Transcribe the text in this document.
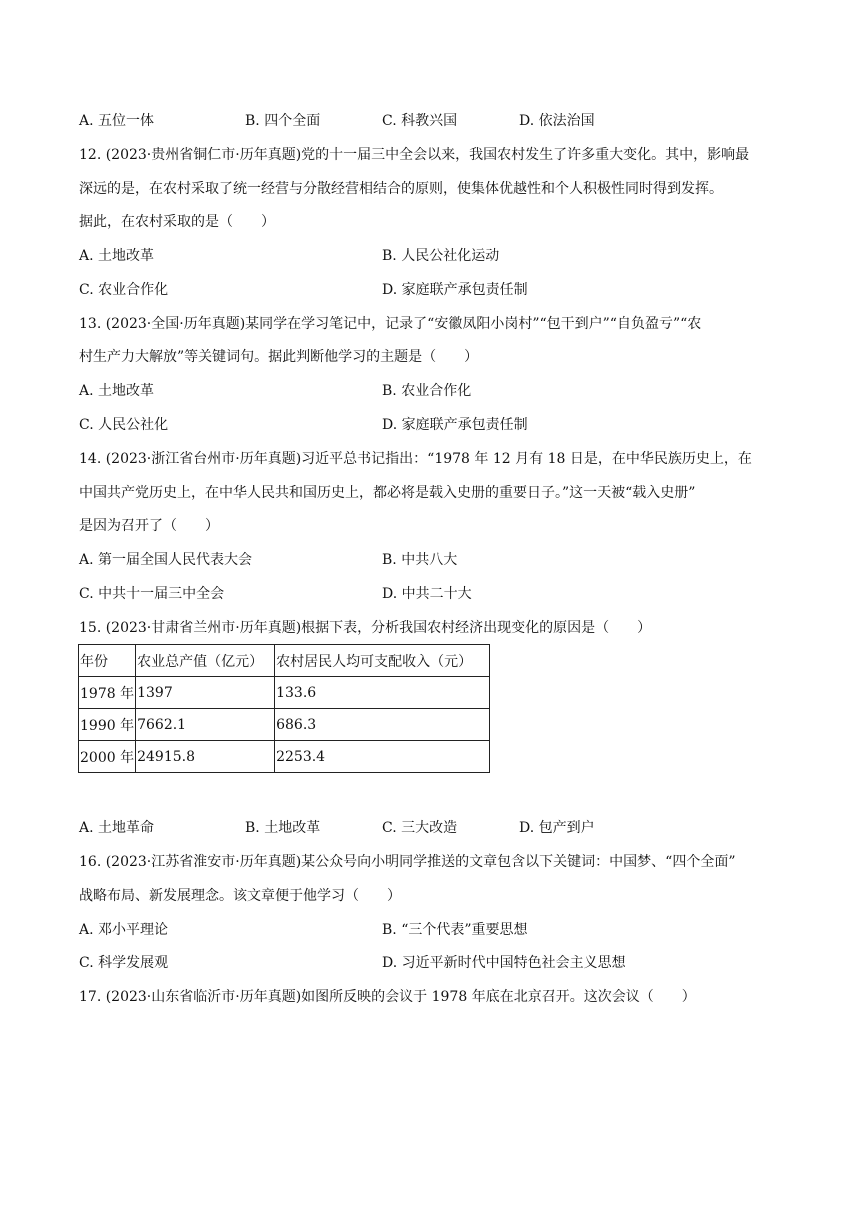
A. 五位一体	B. 四个全面	C. 科教兴国	D. 依法治国
12. (2023·贵州省铜仁市·历年真题)党的十一届三中全会以来，我国农村发生了许多重大变化。其中，影响最
深远的是，在农村采取了统一经营与分散经营相结合的原则，使集体优越性和个人积极性同时得到发挥。
据此，在农村采取的是（　　）
A. 土地改革	B. 人民公社化运动
C. 农业合作化	D. 家庭联产承包责任制
13. (2023·全国·历年真题)某同学在学习笔记中，记录了“安徽凤阳小岗村”“包干到户”“自负盈亏”“农
村生产力大解放”等关键词句。据此判断他学习的主题是（　　）
A. 土地改革	B. 农业合作化
C. 人民公社化	D. 家庭联产承包责任制
14. (2023·浙江省台州市·历年真题)习近平总书记指出：“1978 年 12 月有 18 日是，在中华民族历史上，在
中国共产党历史上，在中华人民共和国历史上，都必将是载入史册的重要日子。”这一天被“载入史册”
是因为召开了（　　）
A. 第一届全国人民代表大会	B. 中共八大
C. 中共十一届三中全会	D. 中共二十大
15. (2023·甘肃省兰州市·历年真题)根据下表，分析我国农村经济出现变化的原因是（　　）
年份	农业总产值（亿元）	农村居民人均可支配收入（元）
1978 年	1397	133.6
1990 年	7662.1	686.3
2000 年	24915.8	2253.4
A. 土地革命	B. 土地改革	C. 三大改造	D. 包产到户
16. (2023·江苏省淮安市·历年真题)某公众号向小明同学推送的文章包含以下关键词：中国梦、“四个全面”
战略布局、新发展理念。该文章便于他学习（　　）
A. 邓小平理论	B. “三个代表”重要思想
C. 科学发展观	D. 习近平新时代中国特色社会主义思想
17. (2023·山东省临沂市·历年真题)如图所反映的会议于 1978 年底在北京召开。这次会议（　　）
